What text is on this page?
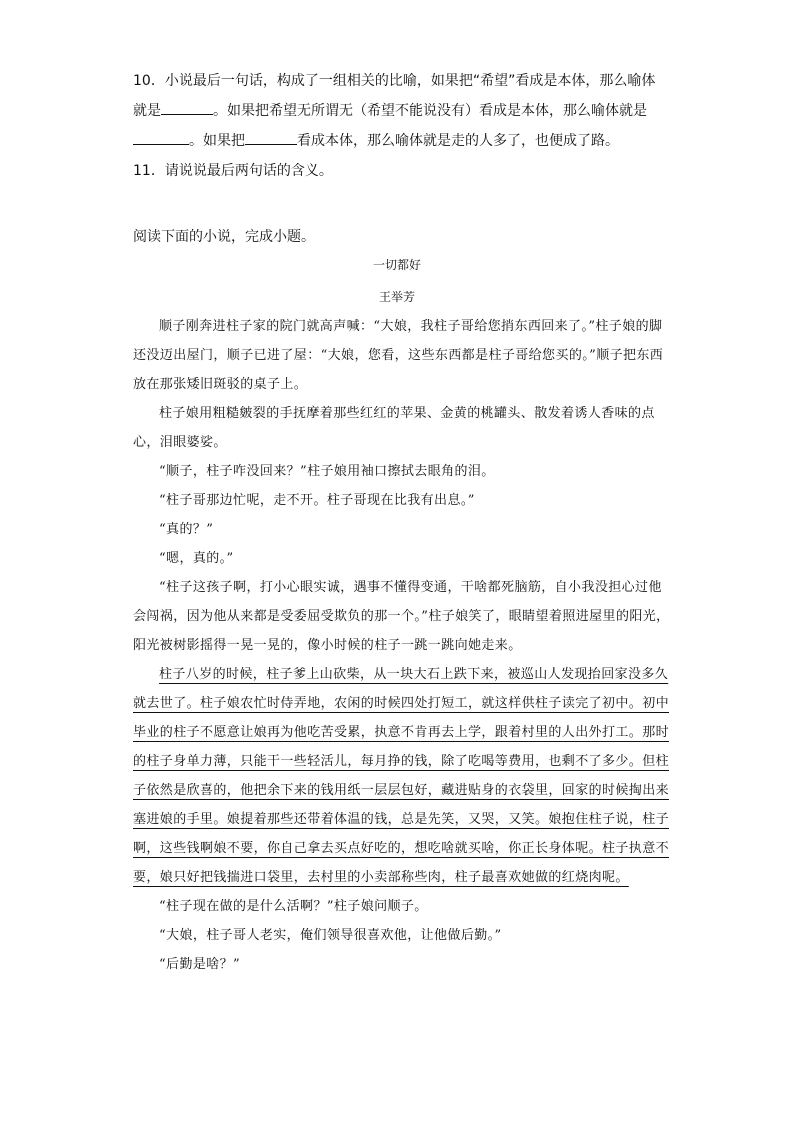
10．小说最后一句话，构成了一组相关的比喻，如果把“希望”看成是本体，那么喻体就是	。如果把希望无所谓无（希望不能说没有）看成是本体，那么喻体就是。如果把	看成本体，那么喻体就是走的人多了，也便成了路。
11．请说说最后两句话的含义。
阅读下面的小说，完成小题。
一切都好
王举芳

顺子刚奔进柱子家的院门就高声喊：“大娘，我柱子哥给您捎东西回来了。”柱子娘的脚还没迈出屋门，顺子已进了屋：“大娘，您看，这些东西都是柱子哥给您买的。”顺子把东西放在那张矮旧斑驳的桌子上。

柱子娘用粗糙皴裂的手抚摩着那些红红的苹果、金黄的桃罐头、散发着诱人香味的点心，泪眼婆娑。

“顺子，柱子咋没回来？”柱子娘用袖口擦拭去眼角的泪。

“柱子哥那边忙呢，走不开。柱子哥现在比我有出息。”

“真的？”

“嗯，真的。”

“柱子这孩子啊，打小心眼实诚，遇事不懂得变通，干啥都死脑筋，自小我没担心过他会闯祸，因为他从来都是受委屈受欺负的那一个。”柱子娘笑了，眼睛望着照进屋里的阳光，阳光被树影摇得一晃一晃的，像小时候的柱子一跳一跳向她走来。

柱子八岁的时候，柱子爹上山砍柴，从一块大石上跌下来，被巡山人发现抬回家没多久就去世了。柱子娘农忙时侍弄地，农闲的时候四处打短工，就这样供柱子读完了初中。初中毕业的柱子不愿意让娘再为他吃苦受累，执意不肯再去上学，跟着村里的人出外打工。那时的柱子身单力薄，只能干一些轻活儿，每月挣的钱，除了吃喝等费用，也剩不了多少。但柱子依然是欣喜的，他把余下来的钱用纸一层层包好，藏进贴身的衣袋里，回家的时候掏出来塞进娘的手里。娘提着那些还带着体温的钱，总是先笑，又哭，又笑。娘抱住柱子说，柱子啊，这些钱啊娘不要，你自己拿去买点好吃的，想吃啥就买啥，你正长身体呢。柱子执意不要，娘只好把钱揣进口袋里，去村里的小卖部称些肉，柱子最喜欢她做的红烧肉呢。

“柱子现在做的是什么活啊？”柱子娘问顺子。

“大娘，柱子哥人老实，俺们领导很喜欢他，让他做后勤。”

“后勤是啥？”
